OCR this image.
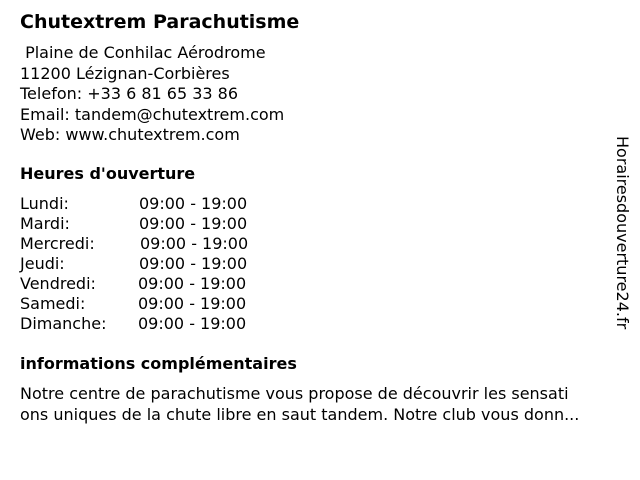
Chutextrem Parachutisme
Plaine de Conhilac Aérodrome
11200 Lézignan-Corbières
Telefon: +33 6 81 65 33 86
Email: tandem@chutextrem.com
Web: www.chutextrem.com
Heures d'ouverture
Lundi:	09:00 - 19:00
Mardi:	09:00 - 19:00
Mercredi:	09:00 - 19:00
Jeudi:	09:00 - 19:00
Vendredi:	09:00 - 19:00
Samedi:	09:00 - 19:00
Dimanche: 09:00 - 19:00
informations complémentaires
Notre centre de parachutisme vous propose de découvrir les sensati
ons uniques de la chute libre en saut tandem. Notre club vous donn...
Horairesdouverture24.fr
